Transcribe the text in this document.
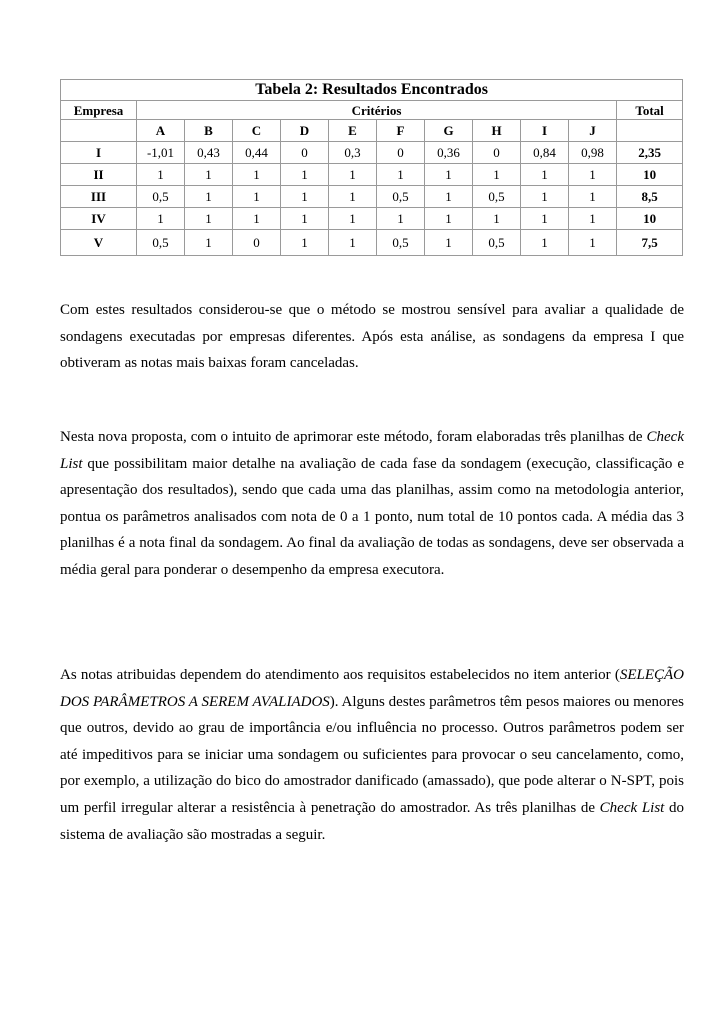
Tabela 2: Resultados Encontrados											
Empresa	Critérios										Total
	A	B	C	D	E	F	G	H	I	J	
I	-1,01	0,43	0,44	0	0,3	0	0,36	0	0,84	0,98	2,35
II	1	1	1	1	1	1	1	1	1	1	10
III	0,5	1	1	1	1	0,5	1	0,5	1	1	8,5
IV	1	1	1	1	1	1	1	1	1	1	10
V	0,5	1	0	1	1	0,5	1	0,5	1	1	7,5

Com estes resultados considerou-se que o método se mostrou sensível para avaliar a qualidade de sondagens executadas por empresas diferentes. Após esta análise, as sondagens da empresa I que obtiveram as notas mais baixas foram canceladas.

Nesta nova proposta, com o intuito de aprimorar este método, foram elaboradas três planilhas de Check List que possibilitam maior detalhe na avaliação de cada fase da sondagem (execução, classificação e apresentação dos resultados), sendo que cada uma das planilhas, assim como na metodologia anterior, pontua os parâmetros analisados com nota de 0 a 1 ponto, num total de 10 pontos cada. A média das 3 planilhas é a nota final da sondagem. Ao final da avaliação de todas as sondagens, deve ser observada a média geral para ponderar o desempenho da empresa executora.

As notas atribuidas dependem do atendimento aos requisitos estabelecidos no item anterior (SELEÇÃO DOS PARÂMETROS A SEREM AVALIADOS). Alguns destes parâmetros têm pesos maiores ou menores que outros, devido ao grau de importância e/ou influência no processo. Outros parâmetros podem ser até impeditivos para se iniciar uma sondagem ou suficientes para provocar o seu cancelamento, como, por exemplo, a utilização do bico do amostrador danificado (amassado), que pode alterar o N-SPT, pois um perfil irregular alterar a resistência à penetração do amostrador. As três planilhas de Check List do sistema de avaliação são mostradas a seguir.
